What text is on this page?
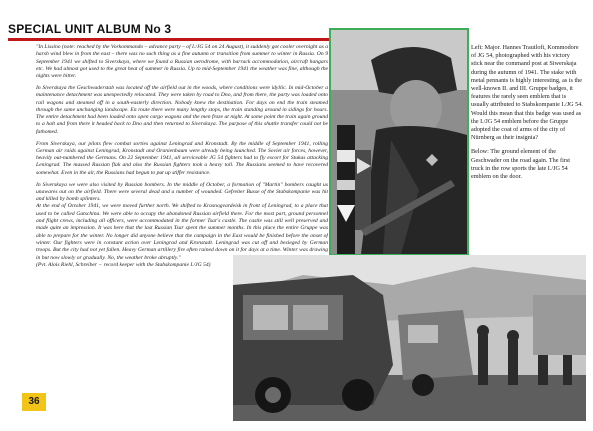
SPECIAL UNIT ALBUM No 3

"In Lissino (note: reached by the Vorkommando – advance party – of I./JG 54 on 24 August), it suddenly got cooler overnight as a harsh wind blew in from the east – there was no such thing as a fine autumn or transition from summer to winter in Russia. On 9 September 1941 we shifted to Siverskaya, where we found a Russian aerodrome, with barrack accommodation, aircraft hangars etc. We had almost got used to the great heat of summer in Russia. Up to mid-September 1941 the weather was fine, although the nights were bitter.

In Siverskaya the Geschwaderstab was located off the airfield out in the woods, where conditions were idyllic. In mid-October a maintenance detachment was unexpectedly relocated. They were taken by road to Dno, and from there, the party was loaded onto rail wagons and steamed off in a south-easterly direction. Nobody knew the destination. For days on end the train steamed through the same unchanging landscape. En route there were many lengthy stops, the train standing around in sidings for hours. The entire detachment had been loaded onto open cargo wagons and the men froze at night. At some point the train again ground to a halt and from there it headed back to Dno and then returned to Siverskaya. The purpose of this shuttle transfer could not be fathomed.

From Siverskaya, our pilots flew combat sorties against Leningrad and Kronstadt. By the middle of September 1941, rolling German air raids against Leningrad, Kronstadt and Oranienbaum were already being launched. The Soviet air forces, however, heavily out-numbered the Germans. On 22 September 1941, all serviceable JG 54 fighters had to fly escort for Stukas attacking Leningrad. The massed Russian flak and also the Russian fighters took a heavy toll. The Russians seemed to have recovered somewhat. Even in the air, the Russians had begun to put up stiffer resistance.

In Siverskaya we were also visited by Russian bombers. In the middle of October, a formation of "Martin" bombers caught us unawares out on the airfield. There were several dead and a number of wounded. Gefreiter Busse of the Stabskompanie was hit and killed by bomb splinters.

At the end of October 1941, we were moved further north. We shifted to Krasnogvardeisk in front of Leningrad, to a place that used to be called Gatschina. We were able to occupy the abandoned Russian airfield there. For the most part, ground personnel and flight crews, including all officers, were accommodated in the former Tsar's castle. The castle was still well preserved and made quite an impression. It was here that the last Russian Tsar spent the summer months. In this place the entire Gruppe was able to prepare for the winter. No longer did anyone believe that the campaign in the East would be finished before the onset of winter. Our fighters were in constant action over Leningrad and Kronstadt. Leningrad was cut off and besieged by German troops. But the city had not yet fallen. Heavy German artillery fire often rained down on it for days at a time. Winter was drawing in but now slowly or gradually. No, the weather broke abruptly."

(Pvt. Alois Riehl, Schreiber − record keeper with the Stabskompanie I./JG 54)

Left: Major. Hannes Trautloft, Kommodore of JG 54, photographed with his victory stick near the command post at Siwerskaja during the autumn of 1941. The stake with metal pennants is highly interesting, as is the well-known II. and III. Gruppe badges, it features the rarely seen emblem that is usually attributed to Stabskompanie I./JG 54. Would this mean that this badge was used as the I./JG 54 emblem before the Gruppe adopted the coat of arms of the city of Nürnberg as their insignia?

Below: The ground element of the Geschwader on the road again. The first truck in the row sports the late I./JG 54 emblem on the door.

36
